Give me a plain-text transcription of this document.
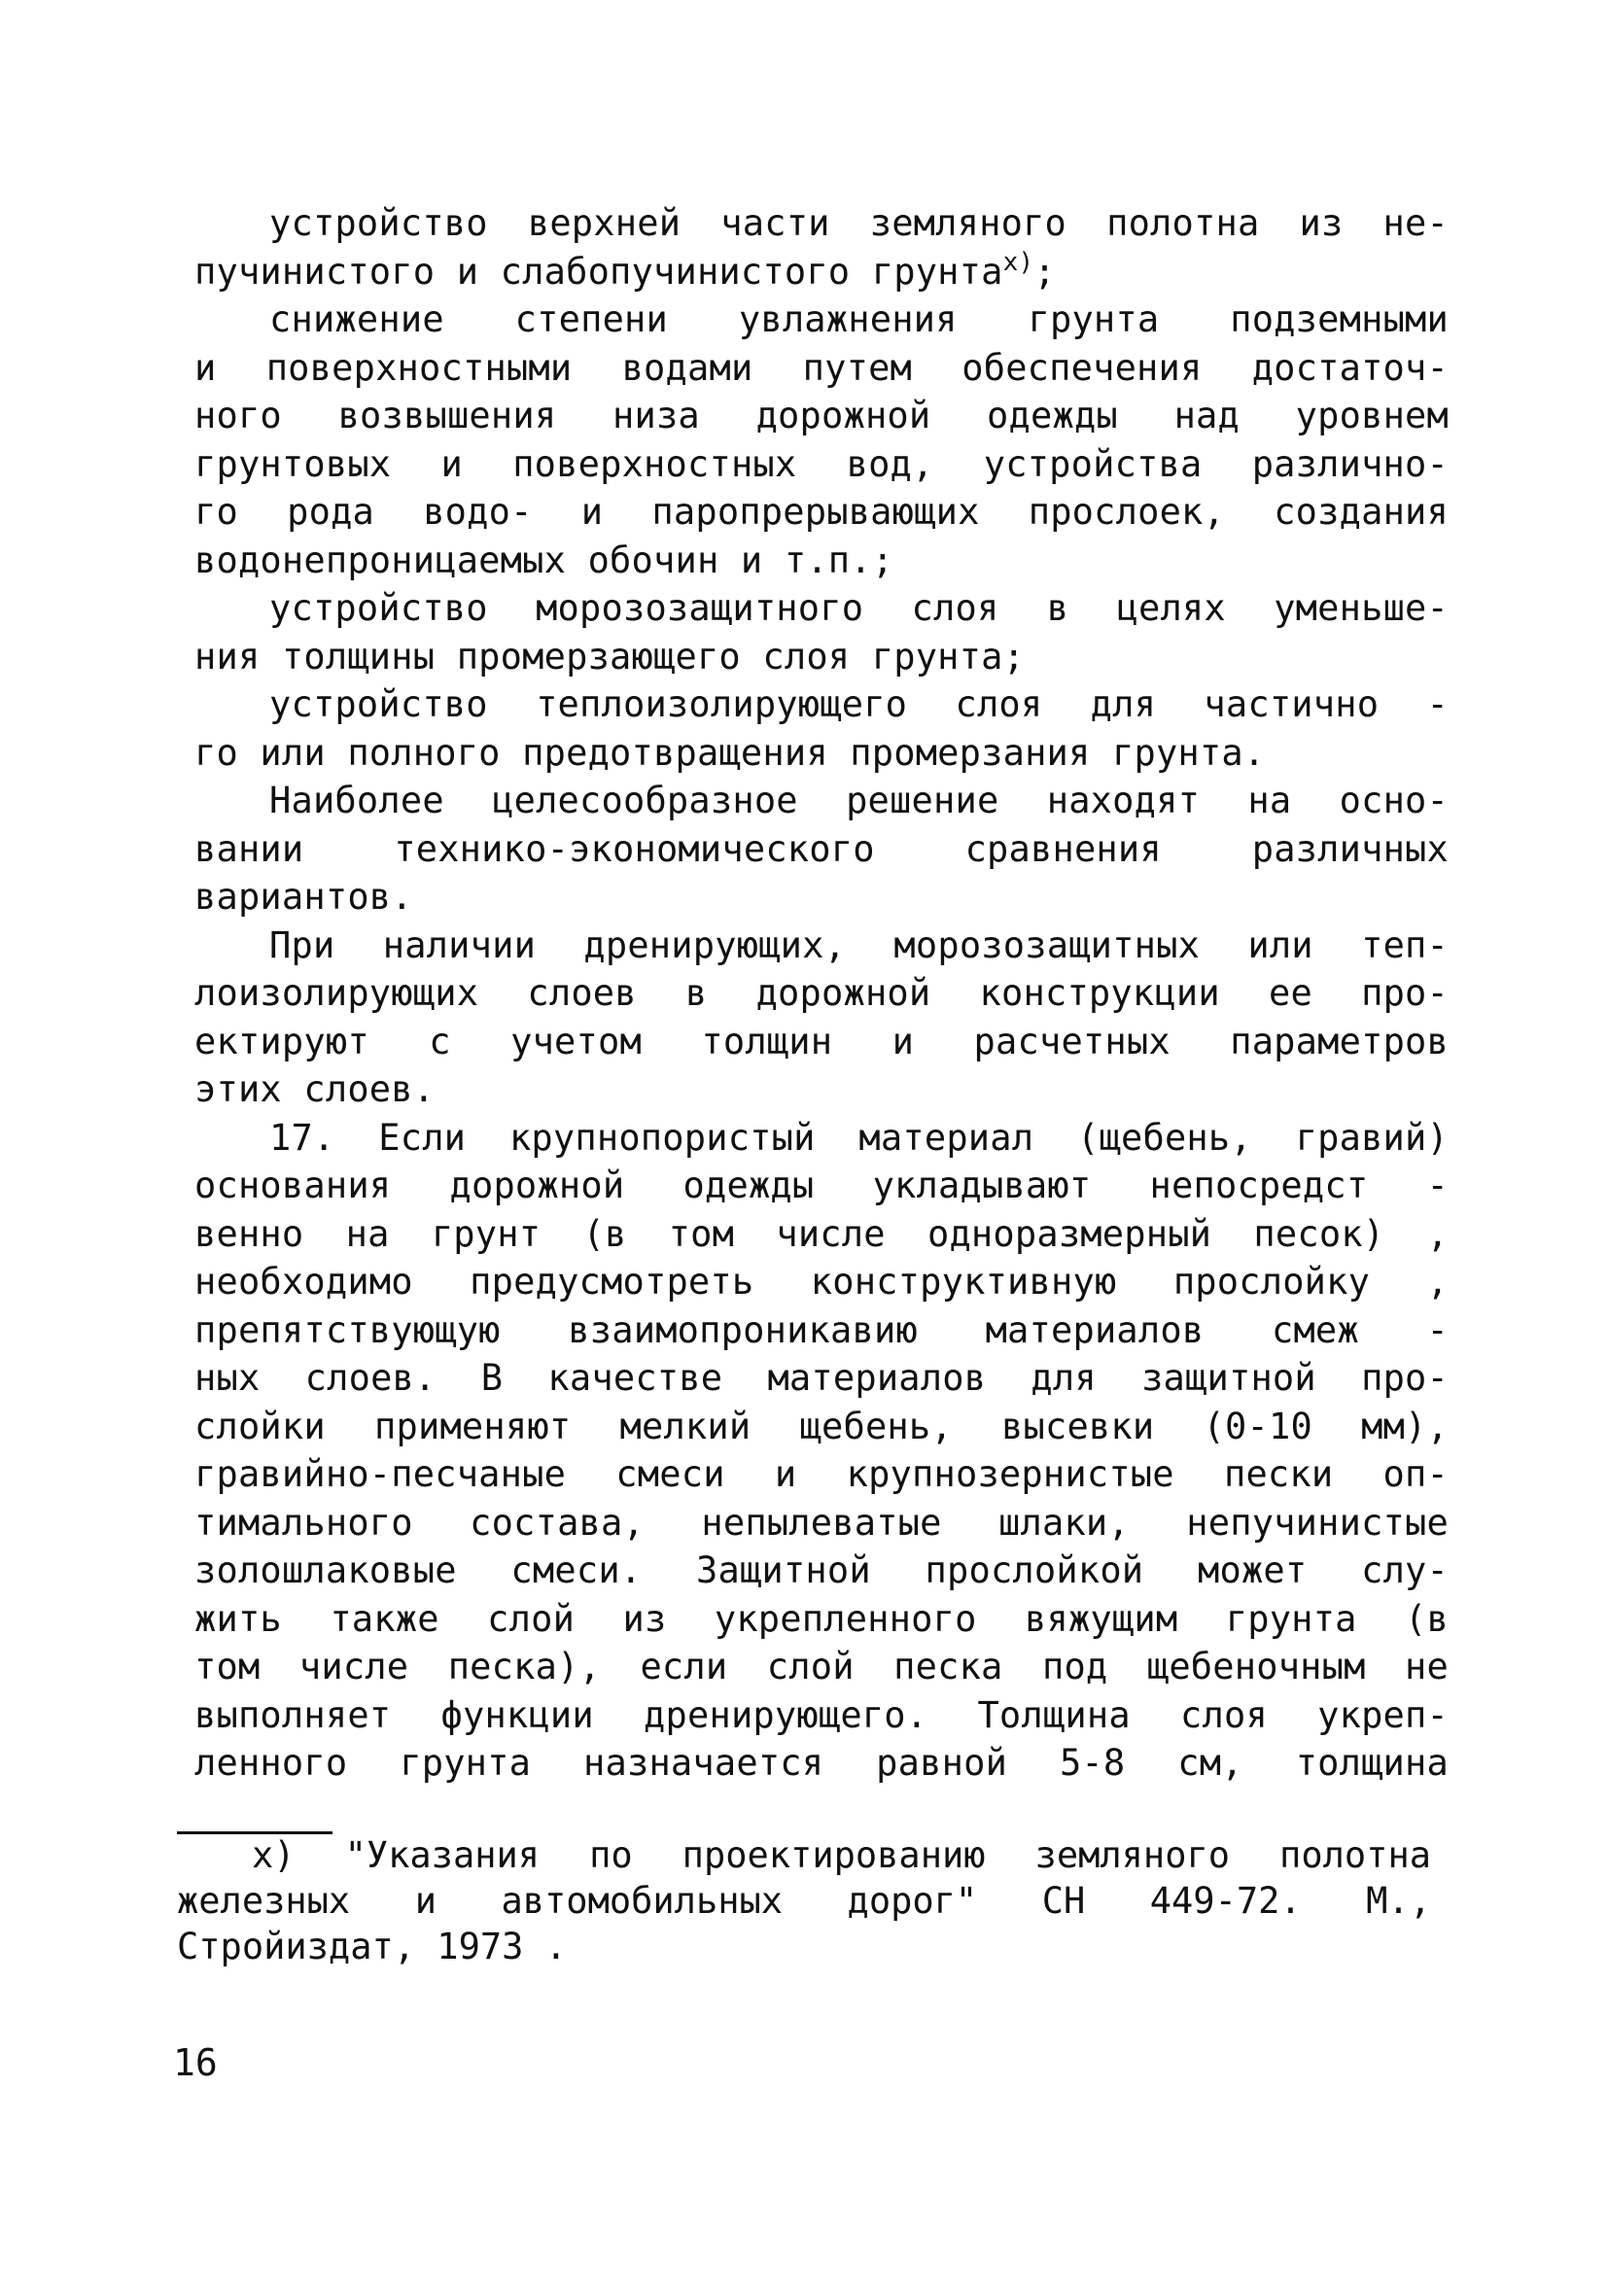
устройство верхней части земляного полотна из не-
пучинистого и слабопучинистого грунта$^{x)}$;
снижение степени увлажнения грунта подземными
и поверхностными водами путем обеспечения достаточ-
ного возвышения низа дорожной одежды над уровнем
грунтовых и поверхностных вод, устройства различно-
го рода водо- и паропрерывающих прослоек, создания
водонепроницаемых обочин и т.п.;
устройство морозозащитного слоя в целях уменьше-
ния толщины промерзающего слоя грунта;
устройство теплоизолирующего слоя для частично -
го или полного предотвращения промерзания грунта.
Наиболее целесообразное решение находят на осно-
вании технико-экономического сравнения различных
вариантов.
При наличии дренирующих, морозозащитных или теп-
лоизолирующих слоев в дорожной конструкции ее про-
ектируют с учетом толщин и расчетных параметров
этих слоев.
17. Если крупнопористый материал (щебень, гравий)
основания дорожной одежды укладывают непосредст -
венно на грунт (в том числе одноразмерный песок) ,
необходимо предусмотреть конструктивную прослойку ,
препятствующую взаимопроникавию материалов смеж -
ных слоев. В качестве материалов для защитной про-
слойки применяют мелкий щебень, высевки (0-10 мм),
гравийно-песчаные смеси и крупнозернистые пески оп-
тимального состава, непылеватые шлаки, непучинистые
золошлаковые смеси. Защитной прослойкой может слу-
жить также слой из укрепленного вяжущим грунта (в
том числе песка), если слой песка под щебеночным не
выполняет функции дренирующего. Толщина слоя укреп-
ленного грунта назначается равной 5-8 см, толщина
x) "Указания по проектированию земляного полотна
железных и автомобильных дорог" СН 449-72. М.,
Стройиздат, 1973 .
16
